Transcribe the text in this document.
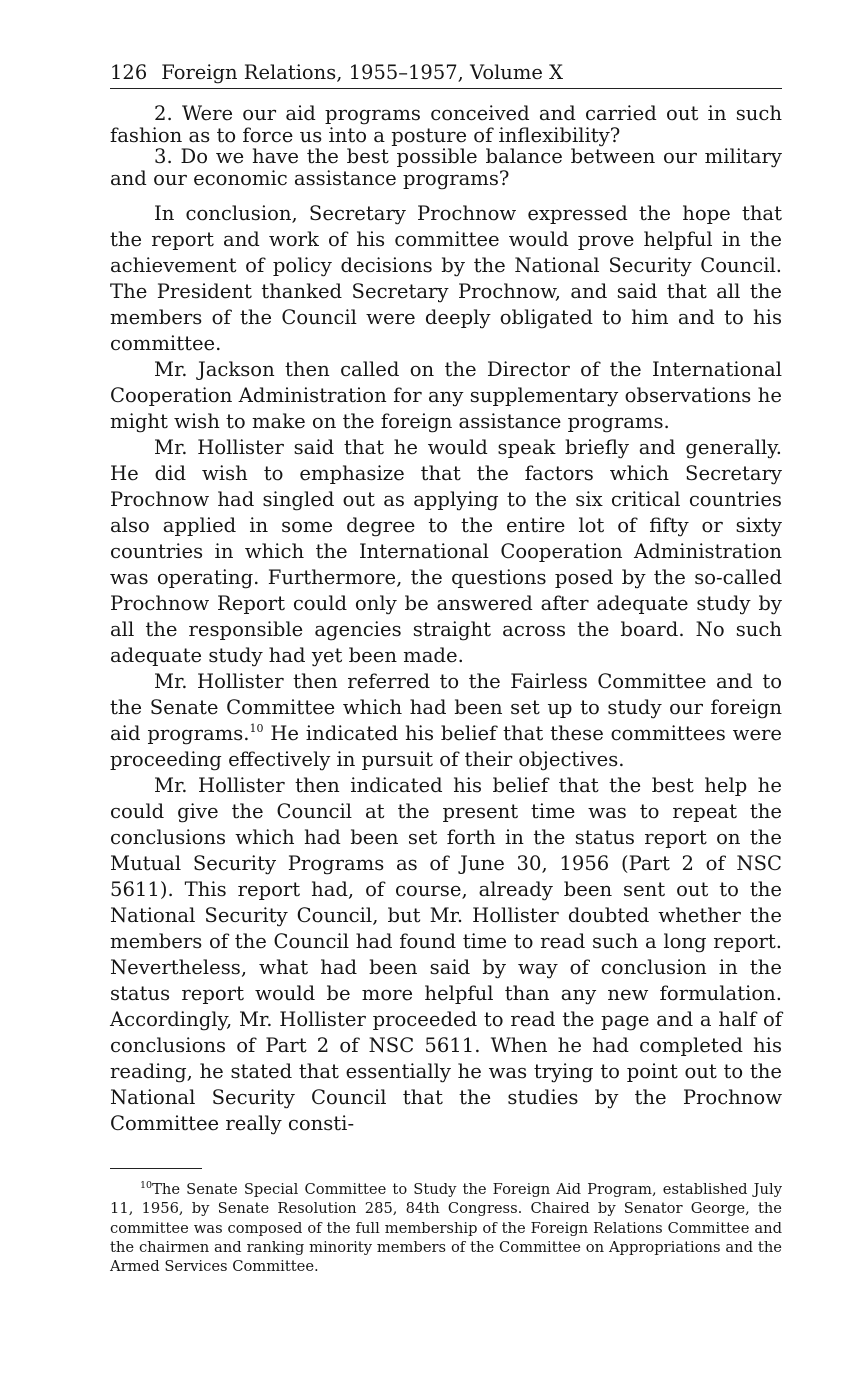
126 Foreign Relations, 1955–1957, Volume X

2. Were our aid programs conceived and carried out in such fashion as to force us into a posture of inflexibility?

3. Do we have the best possible balance between our military and our economic assistance programs?

In conclusion, Secretary Prochnow expressed the hope that the report and work of his committee would prove helpful in the achievement of policy decisions by the National Security Council. The President thanked Secretary Prochnow, and said that all the members of the Council were deeply obligated to him and to his committee.

Mr. Jackson then called on the Director of the International Cooperation Administration for any supplementary observations he might wish to make on the foreign assistance programs.

Mr. Hollister said that he would speak briefly and generally. He did wish to emphasize that the factors which Secretary Prochnow had singled out as applying to the six critical countries also applied in some degree to the entire lot of fifty or sixty countries in which the International Cooperation Administration was operating. Furthermore, the questions posed by the so-called Prochnow Report could only be answered after adequate study by all the responsible agencies straight across the board. No such adequate study had yet been made.

Mr. Hollister then referred to the Fairless Committee and to the Senate Committee which had been set up to study our foreign aid programs.$^{10}$ He indicated his belief that these committees were proceeding effectively in pursuit of their objectives.

Mr. Hollister then indicated his belief that the best help he could give the Council at the present time was to repeat the conclusions which had been set forth in the status report on the Mutual Security Programs as of June 30, 1956 (Part 2 of NSC 5611). This report had, of course, already been sent out to the National Security Council, but Mr. Hollister doubted whether the members of the Council had found time to read such a long report. Nevertheless, what had been said by way of conclusion in the status report would be more helpful than any new formulation. Accordingly, Mr. Hollister proceeded to read the page and a half of conclusions of Part 2 of NSC 5611. When he had completed his reading, he stated that essentially he was trying to point out to the National Security Council that the studies by the Prochnow Committee really consti-

$^{10}$The Senate Special Committee to Study the Foreign Aid Program, established July 11, 1956, by Senate Resolution 285, 84th Congress. Chaired by Senator George, the committee was composed of the full membership of the Foreign Relations Committee and the chairmen and ranking minority members of the Committee on Appropriations and the Armed Services Committee.
